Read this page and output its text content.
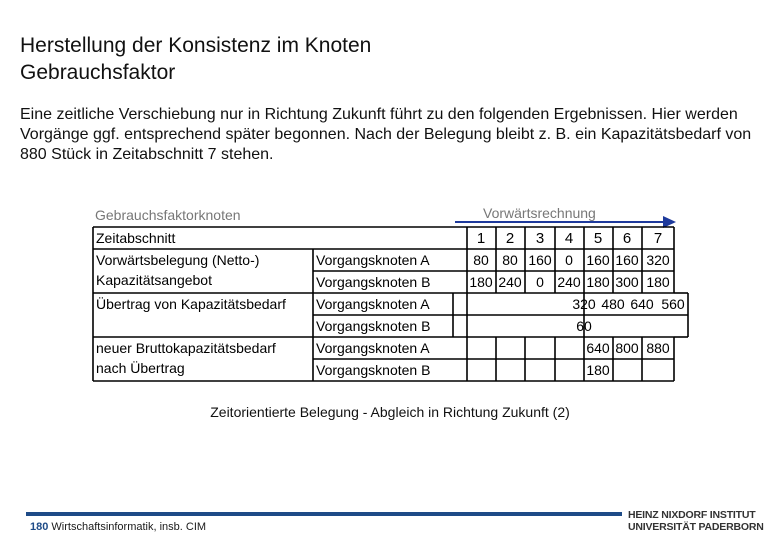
Herstellung der Konsistenz im Knoten
Gebrauchsfaktor
Eine zeitliche Verschiebung nur in Richtung Zukunft führt zu den folgenden Ergebnissen. Hier werden Vorgänge ggf. entsprechend später begonnen. Nach der Belegung bleibt z. B. ein Kapazitätsbedarf von 880 Stück in Zeitabschnitt 7 stehen.
Gebrauchsfaktorknoten	Vorwärtsrechnung
Zeitabschnitt
Vorwärtsbelegung (Netto-)
Kapazitätsangebot
Übertrag von Kapazitätsbedarf
neuer Bruttokapazitätsbedarf
nach Übertrag
Vorgangsknoten A
Vorgangsknoten B
Vorgangsknoten A
Vorgangsknoten B
Vorgangsknoten A
Vorgangsknoten B
1 2 3 4 5 6 7
80 80 160 0 160 160 320
180 240 0 240 180 300 180
320 480 640 560
60
640 800 880
180
Zeitorientierte Belegung - Abgleich in Richtung Zukunft (2)
180 Wirtschaftsinformatik, insb. CIM
HEINZ NIXDORF INSTITUT
UNIVERSITÄT PADERBORN
